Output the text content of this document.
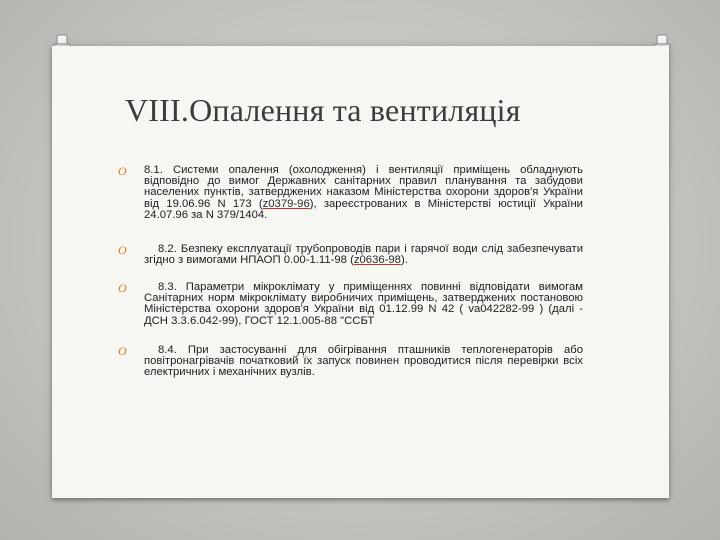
VIII.Опалення та вентиляція
O 8.1. Системи опалення (охолодження) і вентиляції приміщень обладнують відповідно до вимог Державних санітарних правил планування та забудови населених пунктів, затверджених наказом Міністерства охорони здоров'я України від 19.06.96 N 173 (z0379-96), зареєстрованих в Міністерстві юстиції України 24.07.96 за N 379/1404.
O	8.2. Безпеку експлуатації трубопроводів пари і гарячої води слід забезпечувати згідно з вимогами НПАОП 0.00-1.11-98 (z0636-98).
O	8.3. Параметри мікроклімату у приміщеннях повинні відповідати вимогам Санітарних норм мікроклімату виробничих приміщень, затверджених постановою Міністерства охорони здоров'я України від 01.12.99 N 42 ( va042282-99 ) (далі - ДСН 3.3.6.042-99), ГОСТ 12.1.005-88 "ССБТ
O	8.4. При застосуванні для обігрівання пташників теплогенераторів або повітронагрівачів початковий їх запуск повинен проводитися після перевірки всіх електричних і механічних вузлів.
